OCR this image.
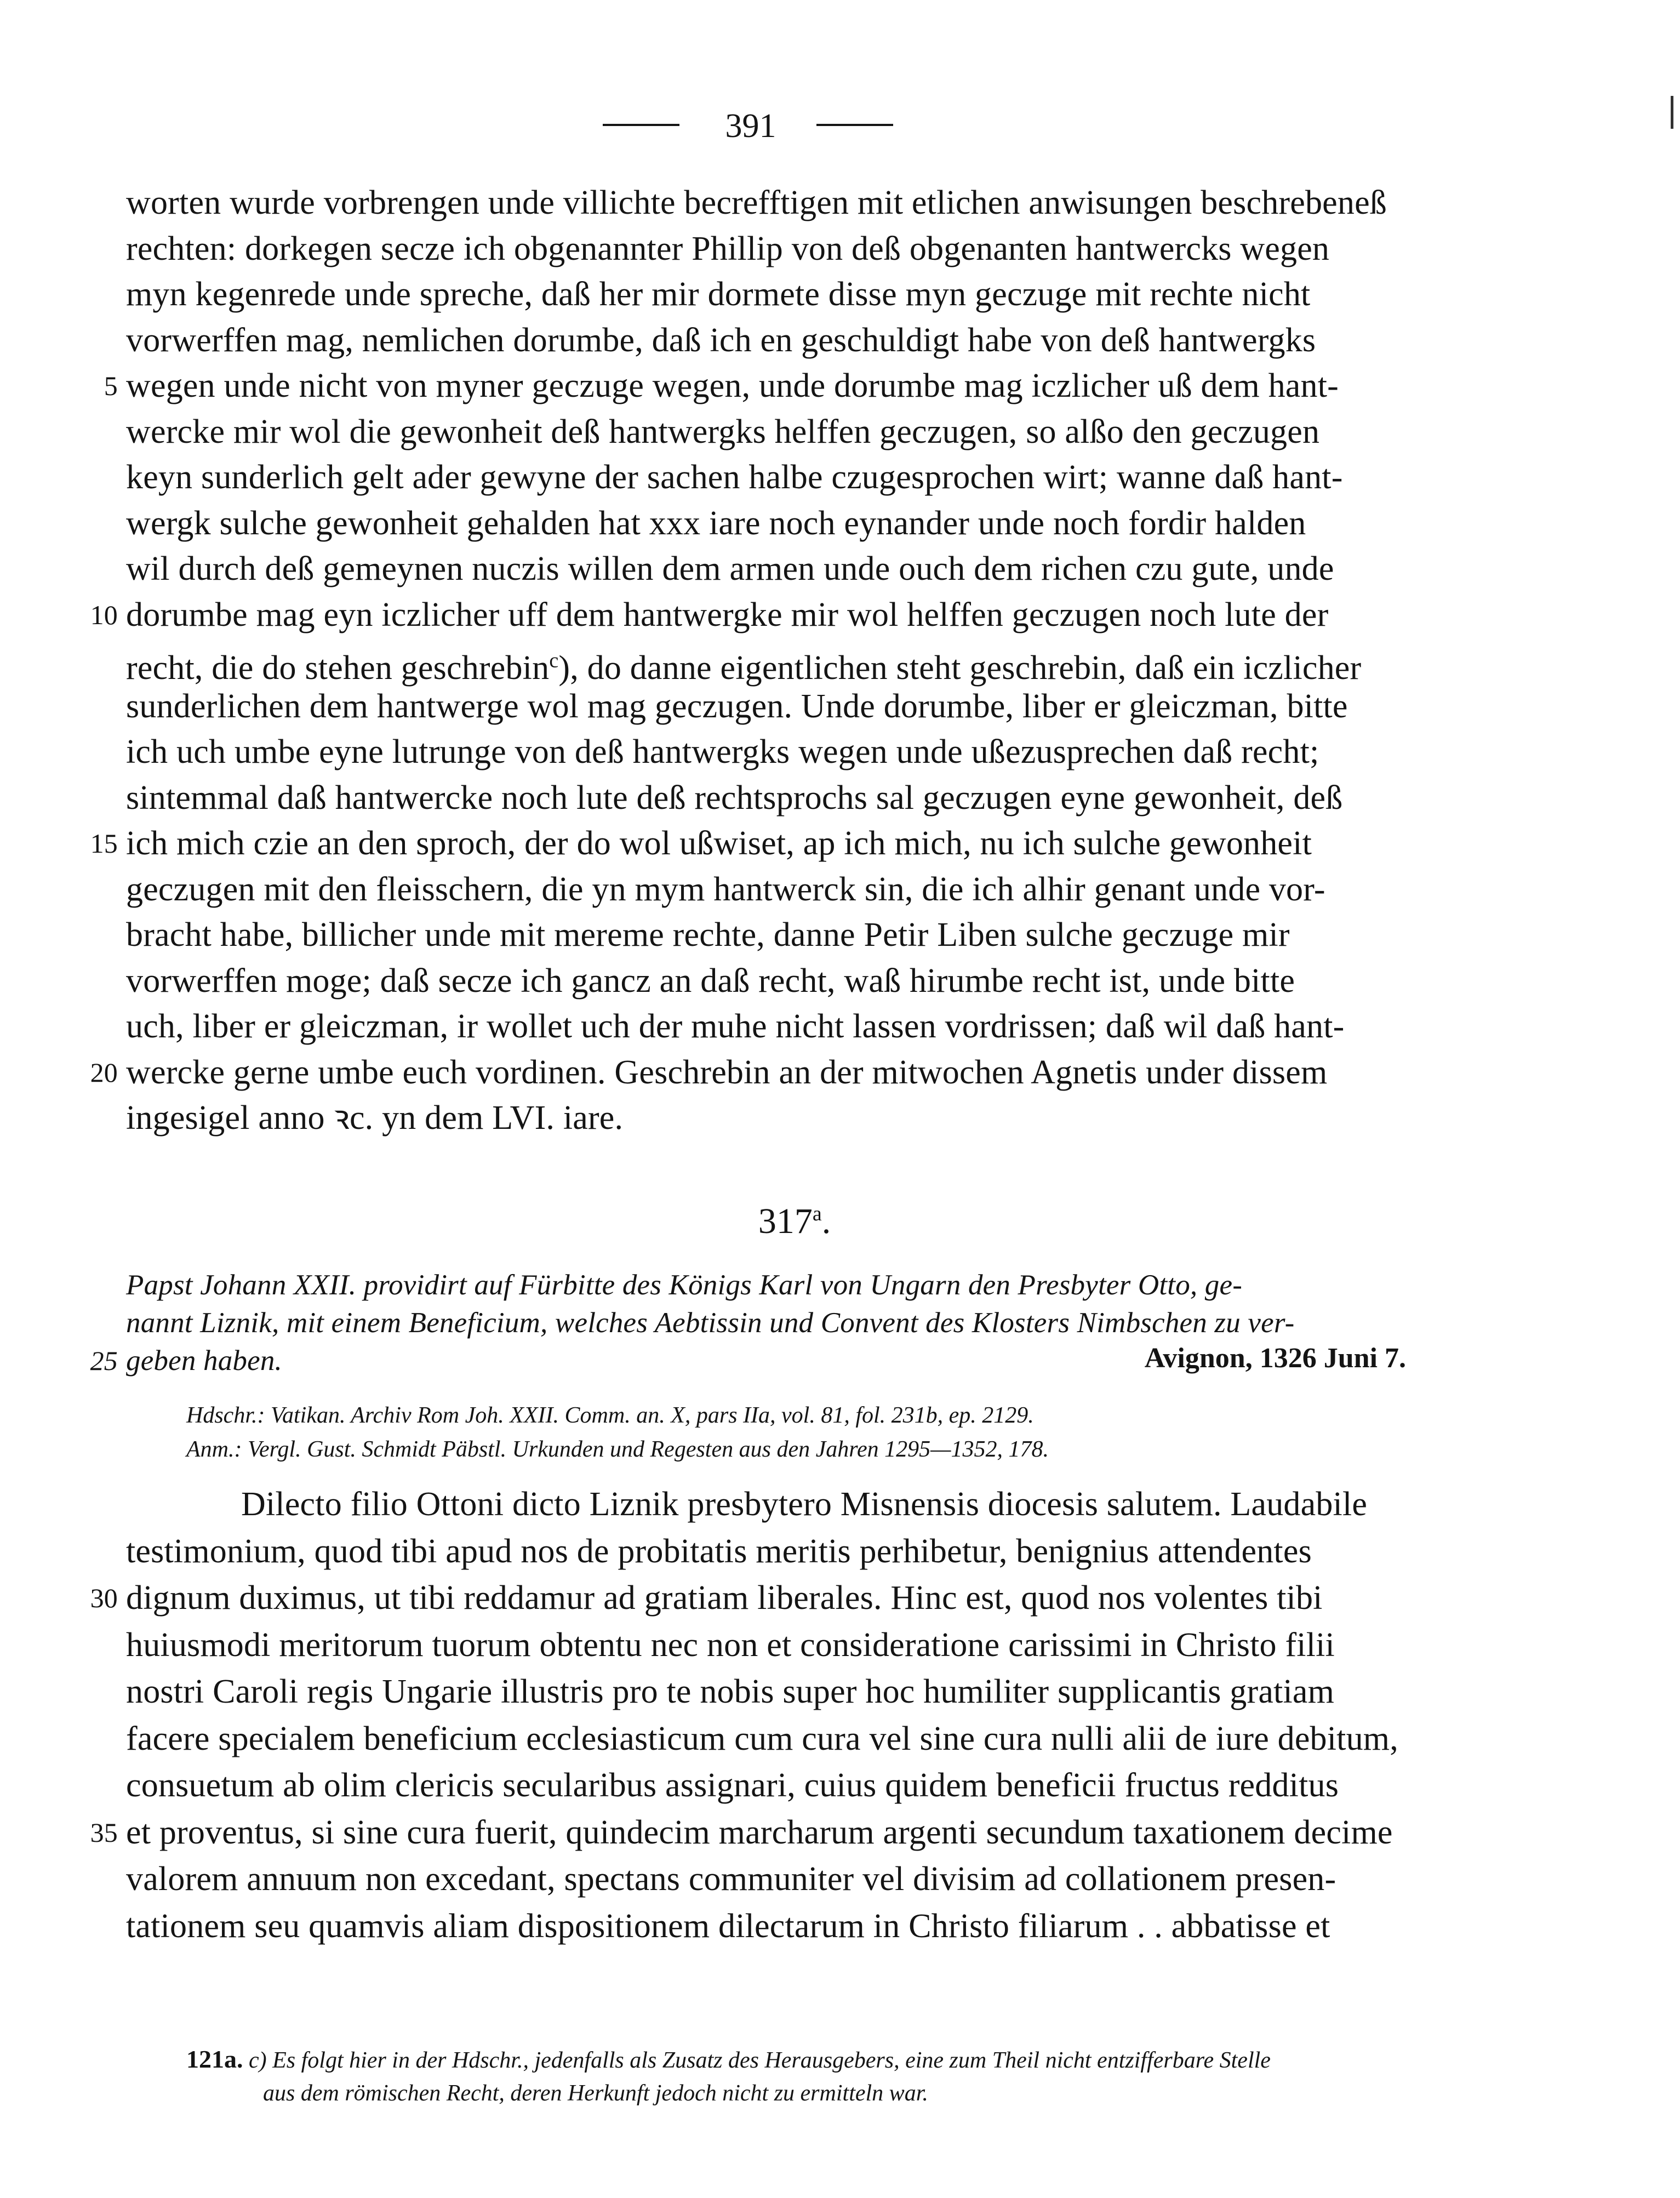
391
worten wurde vorbrengen unde villichte becrefftigen mit etlichen anwisungen beschrebeneß
rechten: dorkegen secze ich obgenannter Phillip von deß obgenanten hantwercks wegen
myn kegenrede unde spreche, daß her mir dormete disse myn geczuge mit rechte nicht
vorwerffen mag, nemlichen dorumbe, daß ich en geschuldigt habe von deß hantwergks
5 wegen unde nicht von myner geczuge wegen, unde dorumbe mag iczlicher uß dem hant-
wercke mir wol die gewonheit deß hantwergks helffen geczugen, so alßo den geczugen
keyn sunderlich gelt ader gewyne der sachen halbe czugesprochen wirt; wanne daß hant-
wergk sulche gewonheit gehalden hat xxx iare noch eynander unde noch fordir halden
wil durch deß gemeynen nuczis willen dem armen unde ouch dem richen czu gute, unde
10 dorumbe mag eyn iczlicher uff dem hantwergke mir wol helffen geczugen noch lute der
recht, die do stehen geschrebin$^c$), do danne eigentlichen steht geschrebin, daß ein iczlicher
sunderlichen dem hantwerge wol mag geczugen. Unde dorumbe, liber er gleiczman, bitte
ich uch umbe eyne lutrunge von deß hantwergks wegen unde ußezusprechen daß recht;
sintemmal daß hantwercke noch lute deß rechtsprochs sal geczugen eyne gewonheit, deß
15 ich mich czie an den sproch, der do wol ußwiset, ap ich mich, nu ich sulche gewonheit
geczugen mit den fleisschern, die yn mym hantwerck sin, die ich alhir genant unde vor-
bracht habe, billicher unde mit mereme rechte, danne Petir Liben sulche geczuge mir
vorwerffen moge; daß secze ich gancz an daß recht, waß hirumbe recht ist, unde bitte
uch, liber er gleiczman, ir wollet uch der muhe nicht lassen vordrissen; daß wil daß hant-
20 wercke gerne umbe euch vordinen. Geschrebin an der mitwochen Agnetis under dissem
ingesigel anno ꝛc. yn dem LVI. iare.
317$^a$.
Papst Johann XXII. providirt auf Fürbitte des Königs Karl von Ungarn den Presbyter Otto, ge-
nannt Liznik, mit einem Beneficium, welches Aebtissin und Convent des Klosters Nimbschen zu ver-
25 geben haben.	Avignon, 1326 Juni 7.
Hdschr.: Vatikan. Archiv Rom Joh. XXII. Comm. an. X, pars IIa, vol. 81, fol. 231b, ep. 2129.
Anm.: Vergl. Gust. Schmidt Päbstl. Urkunden und Regesten aus den Jahren 1295—1352, 178.
Dilecto filio Ottoni dicto Liznik presbytero Misnensis diocesis salutem. Laudabile
testimonium, quod tibi apud nos de probitatis meritis perhibetur, benignius attendentes
30 dignum duximus, ut tibi reddamur ad gratiam liberales. Hinc est, quod nos volentes tibi
huiusmodi meritorum tuorum obtentu nec non et consideratione carissimi in Christo filii
nostri Caroli regis Ungarie illustris pro te nobis super hoc humiliter supplicantis gratiam
facere specialem beneficium ecclesiasticum cum cura vel sine cura nulli alii de iure debitum,
consuetum ab olim clericis secularibus assignari, cuius quidem beneficii fructus redditus
35 et proventus, si sine cura fuerit, quindecim marcharum argenti secundum taxationem decime
valorem annuum non excedant, spectans communiter vel divisim ad collationem presen-
tationem seu quamvis aliam dispositionem dilectarum in Christo filiarum . . abbatisse et
121a. c) Es folgt hier in der Hdschr., jedenfalls als Zusatz des Herausgebers, eine zum Theil nicht entzifferbare Stelle
aus dem römischen Recht, deren Herkunft jedoch nicht zu ermitteln war.
